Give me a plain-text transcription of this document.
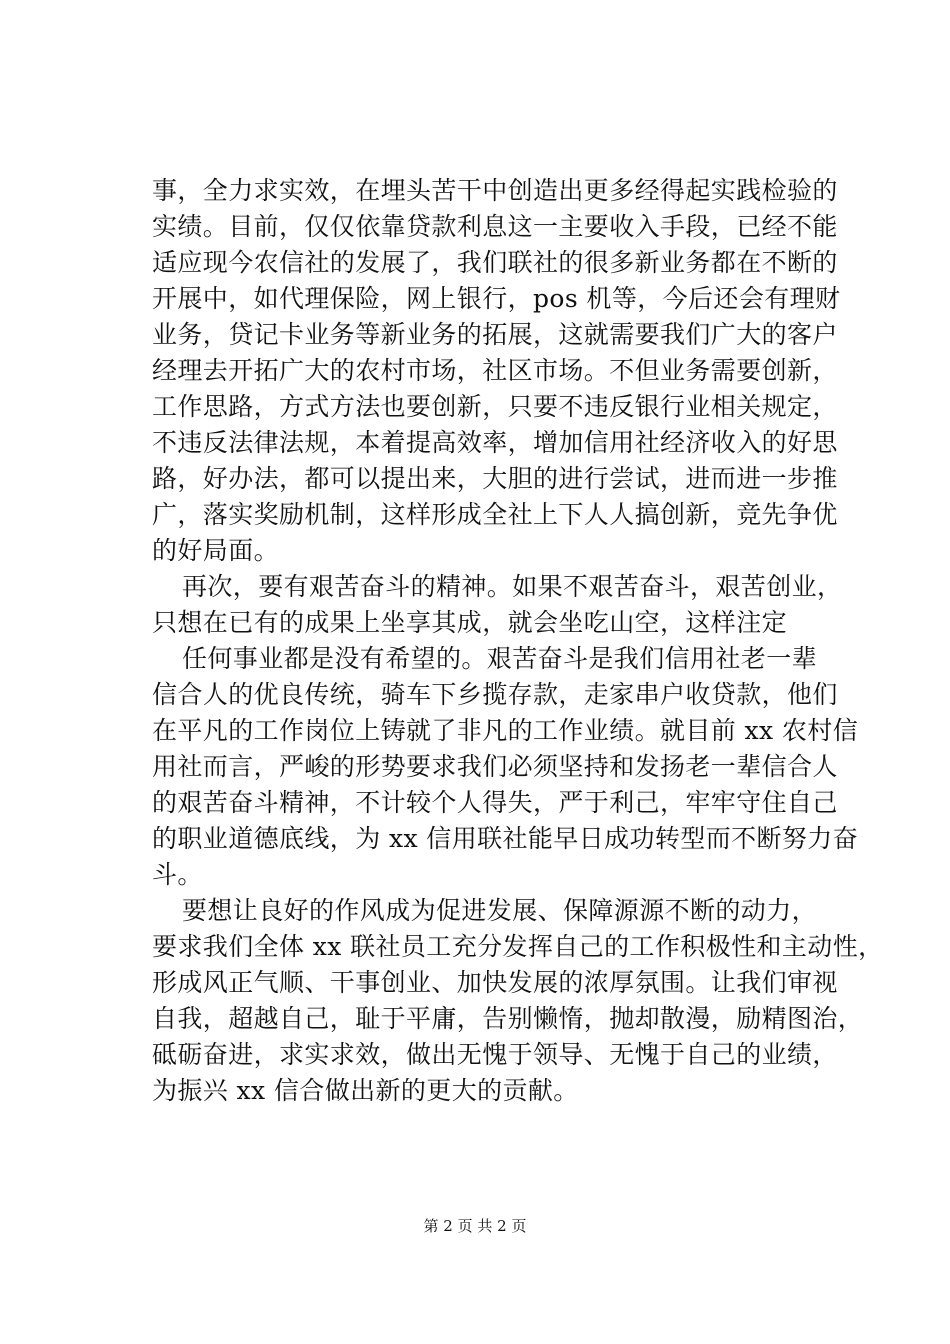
事，全力求实效，在埋头苦干中创造出更多经得起实践检验的
实绩。目前，仅仅依靠贷款利息这一主要收入手段，已经不能
适应现今农信社的发展了，我们联社的很多新业务都在不断的
开展中，如代理保险，网上银行，pos 机等，今后还会有理财
业务，贷记卡业务等新业务的拓展，这就需要我们广大的客户
经理去开拓广大的农村市场，社区市场。不但业务需要创新，
工作思路，方式方法也要创新，只要不违反银行业相关规定，
不违反法律法规，本着提高效率，增加信用社经济收入的好思
路，好办法，都可以提出来，大胆的进行尝试，进而进一步推
广，落实奖励机制，这样形成全社上下人人搞创新，竞先争优
的好局面。
再次，要有艰苦奋斗的精神。如果不艰苦奋斗，艰苦创业，
只想在已有的成果上坐享其成，就会坐吃山空，这样注定
任何事业都是没有希望的。艰苦奋斗是我们信用社老一辈
信合人的优良传统，骑车下乡揽存款，走家串户收贷款，他们
在平凡的工作岗位上铸就了非凡的工作业绩。就目前 xx 农村信
用社而言，严峻的形势要求我们必须坚持和发扬老一辈信合人
的艰苦奋斗精神，不计较个人得失，严于利己，牢牢守住自己
的职业道德底线，为 xx 信用联社能早日成功转型而不断努力奋
斗。
要想让良好的作风成为促进发展、保障源源不断的动力，
要求我们全体 xx 联社员工充分发挥自己的工作积极性和主动性，
形成风正气顺、干事创业、加快发展的浓厚氛围。让我们审视
自我，超越自己，耻于平庸，告别懒惰，抛却散漫，励精图治，
砥砺奋进，求实求效，做出无愧于领导、无愧于自己的业绩，
为振兴 xx 信合做出新的更大的贡献。
第 2 页 共 2 页
